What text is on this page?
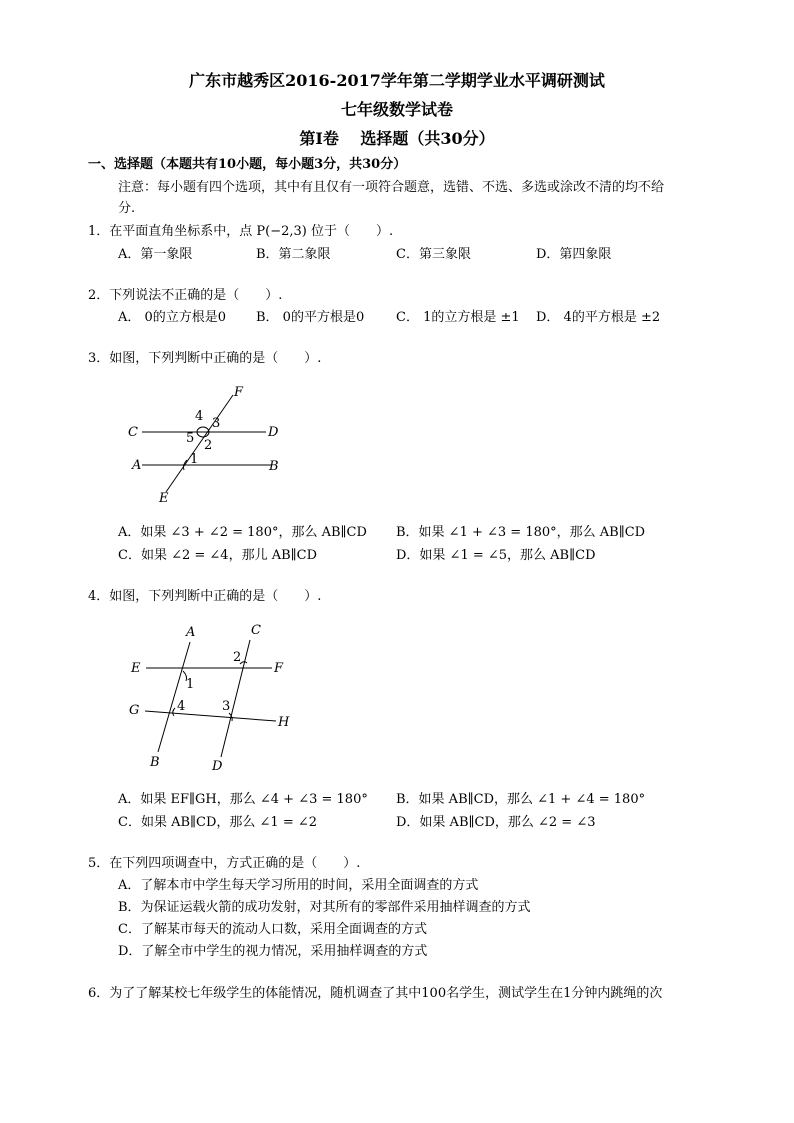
广东市越秀区2016-2017学年第二学期学业水平调研测试
七年级数学试卷
第Ⅰ卷　 选择题（共30分）
一、选择题（本题共有10小题，每小题3分，共30分）
注意：每小题有四个选项，其中有且仅有一项符合题意，选错、不选、多选或涂改不清的均不给
分.
1．在平面直角坐标系中，点 P(−2,3) 位于（　　）.
A．第一象限	B．第二象限	C．第三象限	D．第四象限
2．下列说法不正确的是（　　）.
A． 0的立方根是0 B． 0的平方根是0 C． 1的立方根是 ±1 D． 4的平方根是 ±2
3．如图，下列判断中正确的是（　　）.
F
4 3
C	D
5 2
1
A	B
E
A．如果 ∠3 + ∠2 = 180°，那么 AB∥CD B．如果 ∠1 + ∠3 = 180°，那么 AB∥CD
C．如果 ∠2 = ∠4，那儿 AB∥CD	D．如果 ∠1 = ∠5，那么 AB∥CD
4．如图，下列判断中正确的是（　　）.
A	C
2
E	F
1
G	4	3
H
B	D
A．如果 EF∥GH，那么 ∠4 + ∠3 = 180° B．如果 AB∥CD，那么 ∠1 + ∠4 = 180°
C．如果 AB∥CD，那么 ∠1 = ∠2	D．如果 AB∥CD，那么 ∠2 = ∠3
5．在下列四项调查中，方式正确的是（　　）.
A．了解本市中学生每天学习所用的时间，采用全面调查的方式
B．为保证运载火箭的成功发射，对其所有的零部件采用抽样调查的方式
C．了解某市每天的流动人口数，采用全面调查的方式
D．了解全市中学生的视力情况，采用抽样调查的方式
6．为了了解某校七年级学生的体能情况，随机调查了其中100名学生，测试学生在1分钟内跳绳的次
